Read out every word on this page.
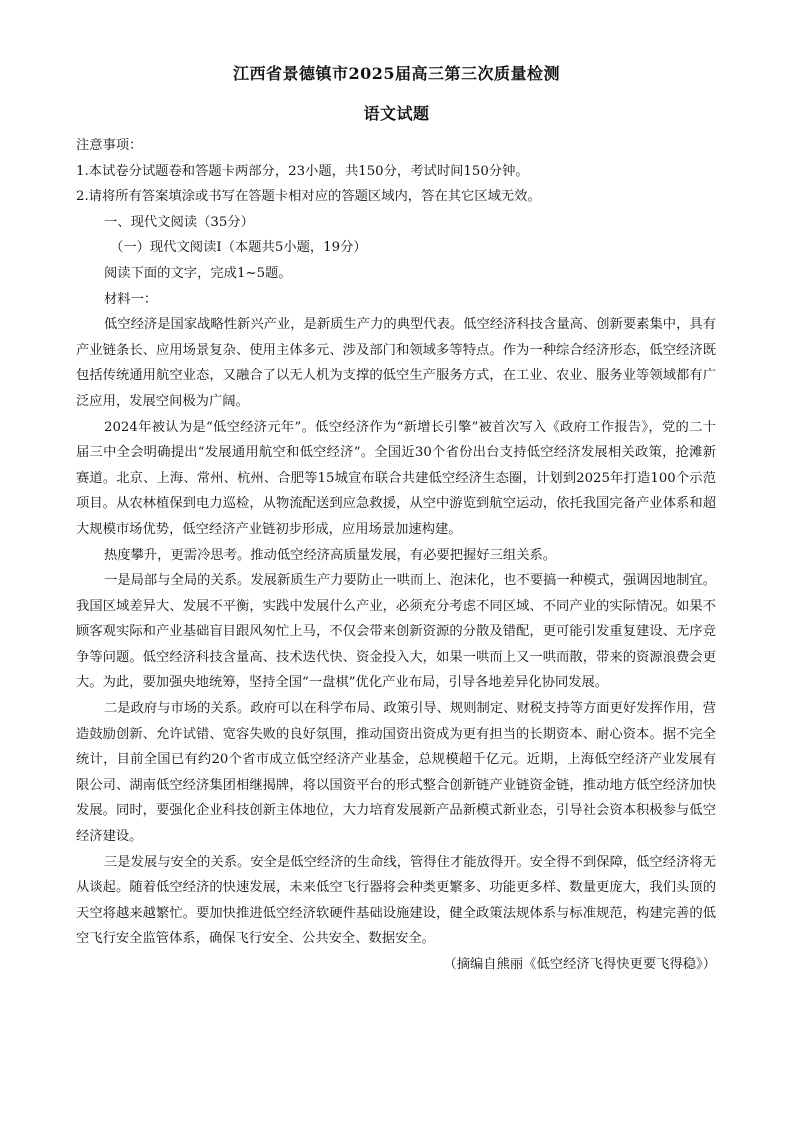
江西省景德镇市2025届高三第三次质量检测
语文试题

注意事项：

1.本试卷分试题卷和答题卡两部分，23小题，共150分，考试时间150分钟。

2.请将所有答案填涂或书写在答题卡相对应的答题区域内，答在其它区域无效。

一、现代文阅读（35分）

（一）现代文阅读Ⅰ（本题共5小题，19分）

阅读下面的文字，完成1~5题。

材料一：

低空经济是国家战略性新兴产业，是新质生产力的典型代表。低空经济科技含量高、创新要素集中，具有产业链条长、应用场景复杂、使用主体多元、涉及部门和领域多等特点。作为一种综合经济形态，低空经济既包括传统通用航空业态，又融合了以无人机为支撑的低空生产服务方式，在工业、农业、服务业等领域都有广泛应用，发展空间极为广阔。

2024年被认为是“低空经济元年”。低空经济作为“新增长引擎”被首次写入《政府工作报告》，党的二十届三中全会明确提出“发展通用航空和低空经济”。全国近30个省份出台支持低空经济发展相关政策，抢滩新赛道。北京、上海、常州、杭州、合肥等15城宣布联合共建低空经济生态圈，计划到2025年打造100个示范项目。从农林植保到电力巡检，从物流配送到应急救援，从空中游览到航空运动，依托我国完备产业体系和超大规模市场优势，低空经济产业链初步形成，应用场景加速构建。

热度攀升，更需冷思考。推动低空经济高质量发展，有必要把握好三组关系。

一是局部与全局的关系。发展新质生产力要防止一哄而上、泡沫化，也不要搞一种模式，强调因地制宜。我国区域差异大、发展不平衡，实践中发展什么产业，必须充分考虑不同区域、不同产业的实际情况。如果不顾客观实际和产业基础盲目跟风匆忙上马，不仅会带来创新资源的分散及错配，更可能引发重复建设、无序竞争等问题。低空经济科技含量高、技术迭代快、资金投入大，如果一哄而上又一哄而散，带来的资源浪费会更大。为此，要加强央地统筹，坚持全国“一盘棋”优化产业布局，引导各地差异化协同发展。

二是政府与市场的关系。政府可以在科学布局、政策引导、规则制定、财税支持等方面更好发挥作用，营造鼓励创新、允许试错、宽容失败的良好氛围，推动国资出资成为更有担当的长期资本、耐心资本。据不完全统计，目前全国已有约20个省市成立低空经济产业基金，总规模超千亿元。近期，上海低空经济产业发展有限公司、湖南低空经济集团相继揭牌，将以国资平台的形式整合创新链产业链资金链，推动地方低空经济加快发展。同时，要强化企业科技创新主体地位，大力培育发展新产品新模式新业态，引导社会资本积极参与低空经济建设。

三是发展与安全的关系。安全是低空经济的生命线，管得住才能放得开。安全得不到保障，低空经济将无从谈起。随着低空经济的快速发展，未来低空飞行器将会种类更繁多、功能更多样、数量更庞大，我们头顶的天空将越来越繁忙。要加快推进低空经济软硬件基础设施建设，健全政策法规体系与标准规范，构建完善的低空飞行安全监管体系，确保飞行安全、公共安全、数据安全。

（摘编自熊丽《低空经济飞得快更要飞得稳》）
